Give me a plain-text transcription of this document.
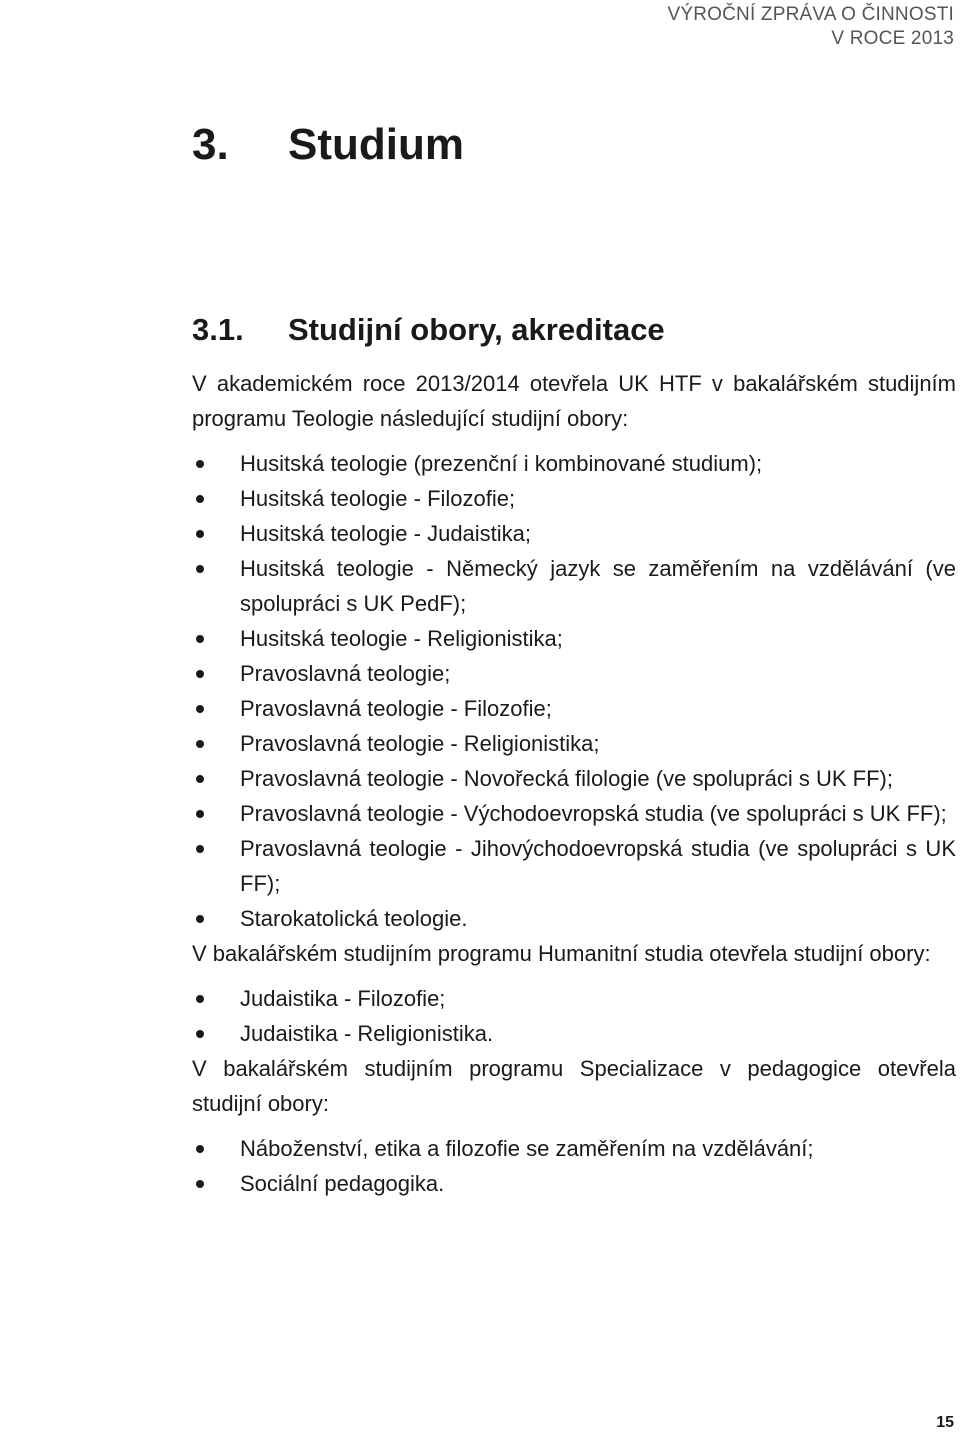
VÝROČNÍ ZPRÁVA O ČINNOSTI
V ROCE 2013
3. Studium
3.1. Studijní obory, akreditace

V akademickém roce 2013/2014 otevřela UK HTF v bakalářském studijním programu Teologie následující studijní obory:

Husitská teologie (prezenční i kombinované studium);
Husitská teologie - Filozofie;
Husitská teologie - Judaistika;
Husitská teologie - Německý jazyk se zaměřením na vzdělávání (ve spolupráci s UK PedF);
Husitská teologie - Religionistika;
Pravoslavná teologie;
Pravoslavná teologie - Filozofie;
Pravoslavná teologie - Religionistika;
Pravoslavná teologie - Novořecká filologie (ve spolupráci s UK FF);
Pravoslavná teologie - Východoevropská studia (ve spolupráci s UK FF);
Pravoslavná teologie - Jihovýchodoevropská studia (ve spolupráci s UK FF);
Starokatolická teologie.

V bakalářském studijním programu Humanitní studia otevřela studijní obory:

Judaistika - Filozofie;
Judaistika - Religionistika.

V bakalářském studijním programu Specializace v pedagogice otevřela studijní obory:

Náboženství, etika a filozofie se zaměřením na vzdělávání;
Sociální pedagogika.
15
